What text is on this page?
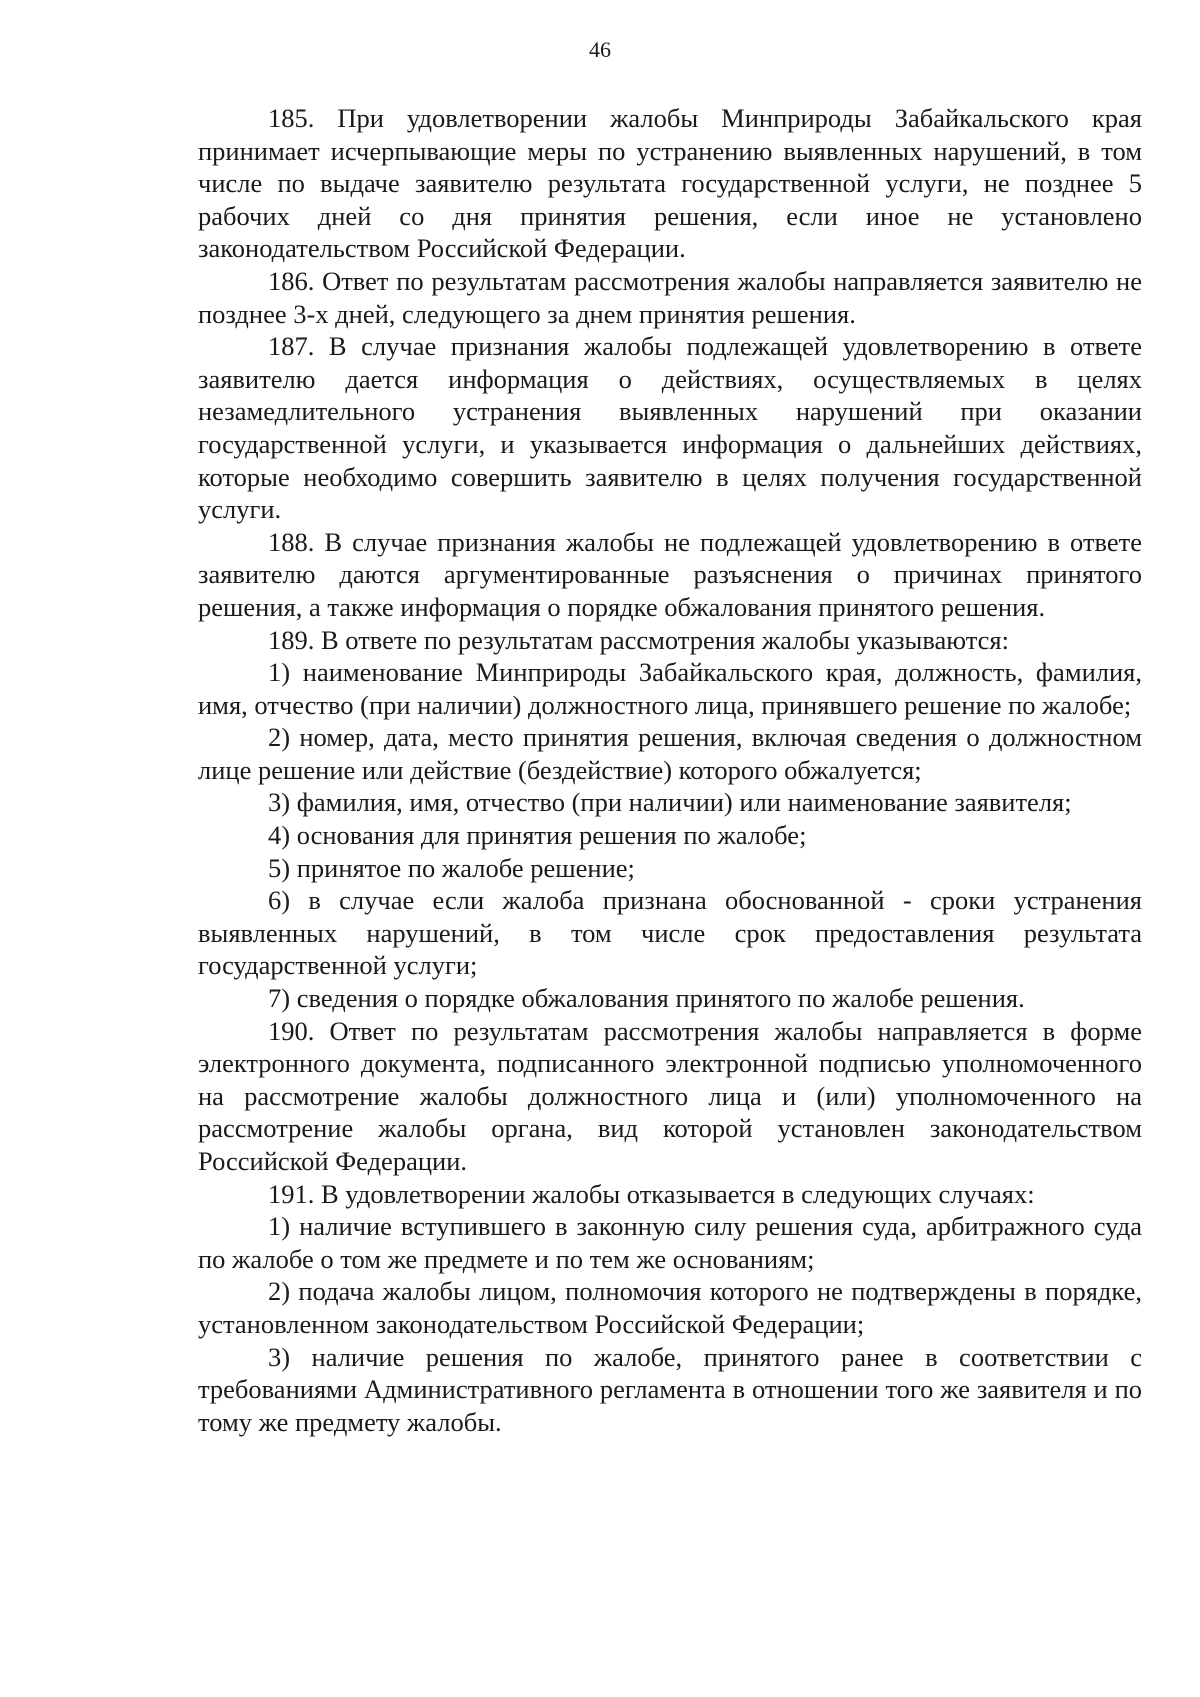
46

185. При удовлетворении жалобы Минприроды Забайкальского края принимает исчерпывающие меры по устранению выявленных нарушений, в том числе по выдаче заявителю результата государственной услуги, не позднее 5 рабочих дней со дня принятия решения, если иное не установлено законодательством Российской Федерации.

186. Ответ по результатам рассмотрения жалобы направляется заявителю не позднее 3-х дней, следующего за днем принятия решения.

187. В случае признания жалобы подлежащей удовлетворению в ответе заявителю дается информация о действиях, осуществляемых в целях незамедлительного устранения выявленных нарушений при оказании государственной услуги, и указывается информация о дальнейших действиях, которые необходимо совершить заявителю в целях получения государственной услуги.

188. В случае признания жалобы не подлежащей удовлетворению в ответе заявителю даются аргументированные разъяснения о причинах принятого решения, а также информация о порядке обжалования принятого решения.

189. В ответе по результатам рассмотрения жалобы указываются:

1) наименование Минприроды Забайкальского края, должность, фамилия, имя, отчество (при наличии) должностного лица, принявшего решение по жалобе;

2) номер, дата, место принятия решения, включая сведения о должностном лице решение или действие (бездействие) которого обжалуется;

3) фамилия, имя, отчество (при наличии) или наименование заявителя;

4) основания для принятия решения по жалобе;

5) принятое по жалобе решение;

6) в случае если жалоба признана обоснованной - сроки устранения выявленных нарушений, в том числе срок предоставления результата государственной услуги;

7) сведения о порядке обжалования принятого по жалобе решения.

190. Ответ по результатам рассмотрения жалобы направляется в форме электронного документа, подписанного электронной подписью уполномоченного на рассмотрение жалобы должностного лица и (или) уполномоченного на рассмотрение жалобы органа, вид которой установлен законодательством Российской Федерации.

191. В удовлетворении жалобы отказывается в следующих случаях:

1) наличие вступившего в законную силу решения суда, арбитражного суда по жалобе о том же предмете и по тем же основаниям;

2) подача жалобы лицом, полномочия которого не подтверждены в порядке, установленном законодательством Российской Федерации;

3) наличие решения по жалобе, принятого ранее в соответствии с требованиями Административного регламента в отношении того же заявителя и по тому же предмету жалобы.
